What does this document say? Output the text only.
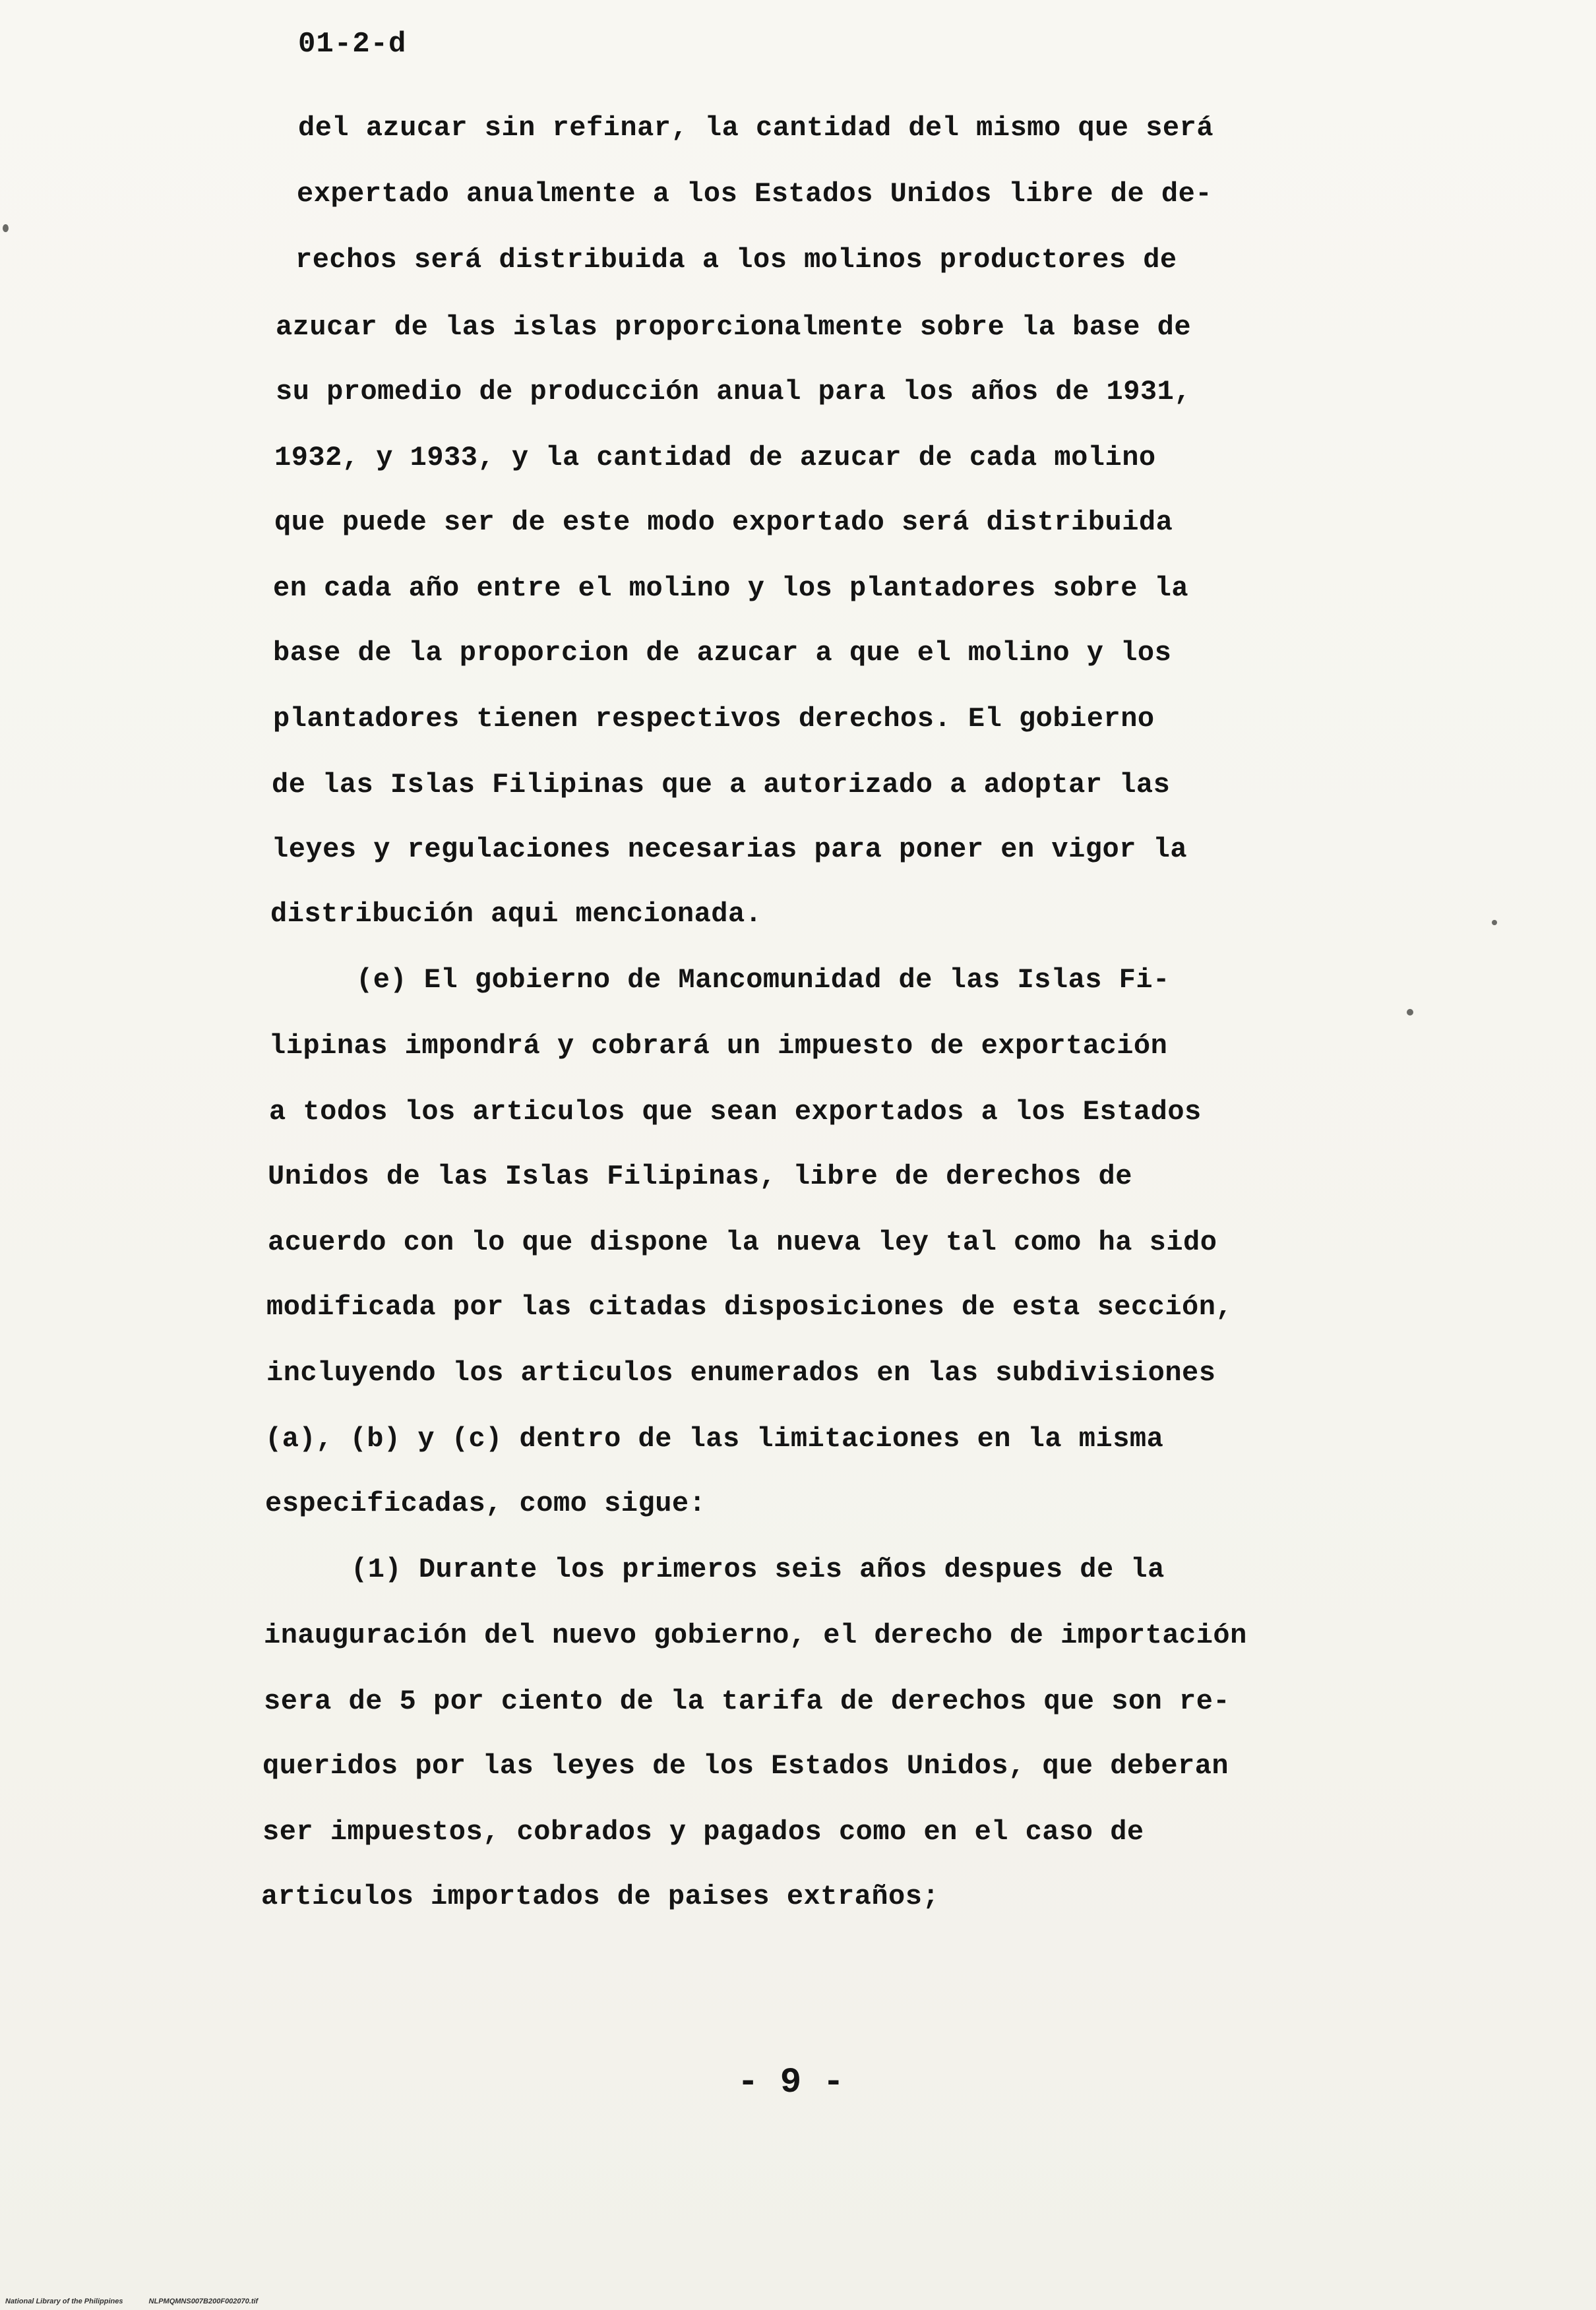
01-2-d
del azucar sin refinar, la cantidad del mismo que será
expertado anualmente a los Estados Unidos libre de de-
rechos será distribuida a los molinos productores de
azucar de las islas proporcionalmente sobre la base de
su promedio de producción anual para los años de 1931,
1932, y 1933, y la cantidad de azucar de cada molino
que puede ser de este modo exportado será distribuida
en cada año entre el molino y los plantadores sobre la
base de la proporcion de azucar a que el molino y los
plantadores tienen respectivos derechos. El gobierno
de las Islas Filipinas que a autorizado a adoptar las
leyes y regulaciones necesarias para poner en vigor la
distribución aqui mencionada.
(e) El gobierno de Mancomunidad de las Islas Fi-
lipinas impondrá y cobrará un impuesto de exportación
a todos los articulos que sean exportados a los Estados
Unidos de las Islas Filipinas, libre de derechos de
acuerdo con lo que dispone la nueva ley tal como ha sido
modificada por las citadas disposiciones de esta sección,
incluyendo los articulos enumerados en las subdivisiones
(a), (b) y (c) dentro de las limitaciones en la misma
especificadas, como sigue:
(1) Durante los primeros seis años despues de la
inauguración del nuevo gobierno, el derecho de importación
sera de 5 por ciento de la tarifa de derechos que son re-
queridos por las leyes de los Estados Unidos, que deberan
ser impuestos, cobrados y pagados como en el caso de
articulos importados de paises extraños;
- 9 -
National Library of the Philippines	NLPMQMNS007B200F002070.tif
